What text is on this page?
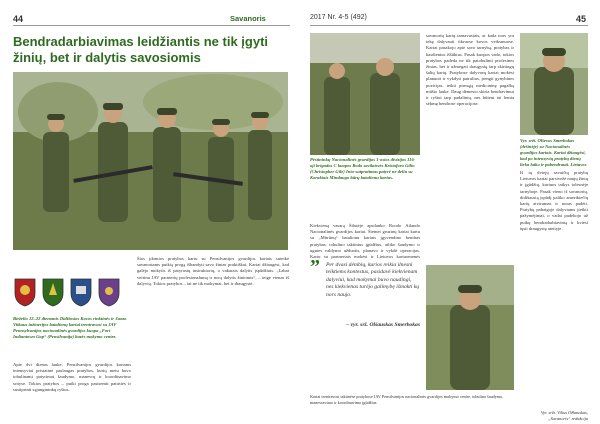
44	Savanoris
Bendradarbiavimas leidžiantis ne tik įgyti žinių, bet ir dalytis savosiomis
Birželio 12–22 dienomis Didžiosios Kovos rinktinės ir Juozo Vitkaus inžinerijos batalionų kariai treniravosi su JAV Pennsylvanijos nacionalinės gvardijos kuopa „Fort Indiantown Gap“ (Pensilvanija) bazės mokymo centre.
Apie dvi dienas lauke, Pensilvanijos gvardijos kariams intensyviai pristatinė paslaugas pratybos, kurių metu buvo tobulinami patyrimai šaudymo, manevrų ir koordinavimo srityse. Tokios pratybos – puiki proga pasisemti patirties ir sustiprinti sąjungininkų ryšius.
Šios įdomios pratybos kartu su Pensilvanijos gvardijos kariais suteikė savanoriams puikią progą išbandyti savo žinias praktiškai. Kariai džiaugėsi, kad galėjo mokytis iš patyrusių instruktorių, o vakarais dalytis įspūdžiais. „Labai vertinu JAV partnerių profesionalumą ir norą dalytis žiniomis“, – teigė vienas iš dalyvių. Tokios pratybos – tai ne tik mokymai, bet ir draugystė.
2017 Nr. 4-5 (492)	45
Pėstininkų Nacionalinės gvardijos 1-osios divizijos 116-oji brigados C kuopos Rodo savilaisvės Kristoforo Gilio (Christopher Gile) Inio-sutpratimus patyrė ne deliu su Korakiais Mindaugo būrų batalionu karius.
Kiekvieną vasarą Šilutėje apsilanko Roodo Ailando Nacionalinės gvardijos kariai. Šiemet gruzinų kariai kartu su „Mitrūnų“ batalionu kariais įgyvendino bendras pratybas, tobulino taktinius įgūdžius, atliko šaudymo ir ugnies valdymo užduotis, planavo ir vykdė operacijas. Kartu su partneriais mokėsi ir Lietuvos kariuomenės
savanorių karių tarnavusiais, ar kada nors yra tekę dalyvauti tikruose kovos veiksmuose. Kariai pasakojo apie savo tarnybą, pratybas ir kasdienius iššūkius. Pasak kuopos vado, tokios pratybos padeda ne tik patobulinti profesines žinias, bet ir užmegzti draugystę tarp skirtingų šalių karių. Pratybose dalyvavę kariai mokėsi planuoti ir vykdyti patrulius, įrengti gynybines pozicijas, teikti pirmąją medicininę pagalbą mūšio lauke. Daug dėmesio skirta bendravimui ir ryšiui tarp padalinių, nes būtent tai lemia sėkmę bendrose operacijose.
Vyr. sržt. Olševos Smerbokas (dešinėje) su Nacionalinės gvardijos kariais. Kariai džiaugėsi, kad po intensyvių pratybų dienų lieka laiko ir pabendrauti. Lietuvos
Iš tų dviejų savaičių pratybų Lietuvos kariai parsivežė naujų žinių ir įgūdžių, kuriuos taikys tolesnėje tarnyboje. Pasak vieno iš savanorių, didžiausią įspūdį paliko amerikiečių karių atvirumas ir noras padėti. Pratybų pabaigoje dalyviams įteikti pažymėjimai, o vadai padėkojo už puikų bendradarbiavimą ir kviesi tęsti draugystę ateityje.
” Per dvasi dėmbių, kurios reikia ilnesni teiktiems kontestus, pasidavė kiekvienam dalyviui, kad mokymai buvo naudingi, nes kiekvienas turėjo galimybę išmokti ką nors naujo.
– vyr. srž. Olšauskas Smerbokas
Kariai treniravosi taktinėse pratybose JAV Pensilvanijos nacionalinės gvardijos mokymo centre, tobulino šaudymo, manevravimo ir koordinavimo įgūdžius.
Vyr. sržt. Vilius Ožkauskas,
„Savanoris“ redakcija
